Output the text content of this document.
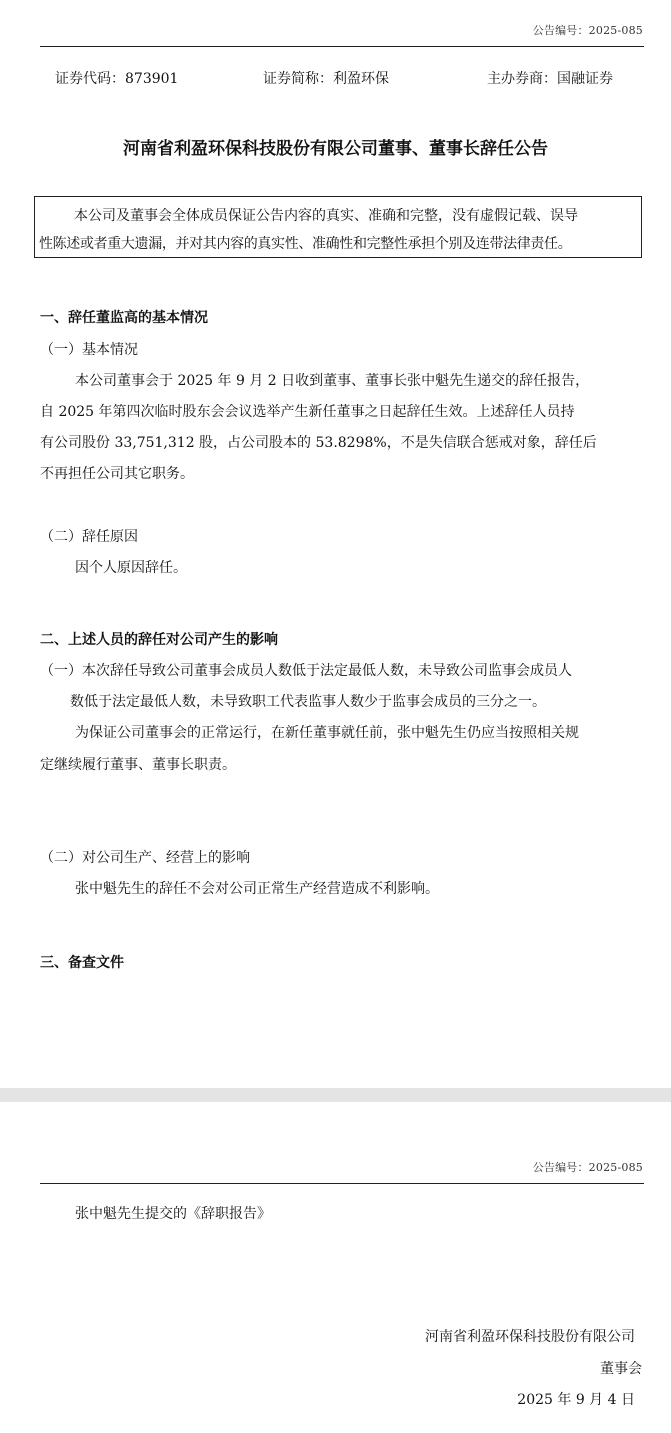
公告编号：2025-085
证券代码：873901	证券简称：利盈环保	主办券商：国融证券
河南省利盈环保科技股份有限公司董事、董事长辞任公告
本公司及董事会全体成员保证公告内容的真实、准确和完整，没有虚假记载、误导
性陈述或者重大遗漏，并对其内容的真实性、准确性和完整性承担个别及连带法律责任。
一、辞任董监高的基本情况
（一）基本情况
本公司董事会于 2025 年 9 月 2 日收到董事、董事长张中魁先生递交的辞任报告，
自 2025 年第四次临时股东会会议选举产生新任董事之日起辞任生效。上述辞任人员持
有公司股份 33,751,312 股，占公司股本的 53.8298%，不是失信联合惩戒对象，辞任后
不再担任公司其它职务。
（二）辞任原因
因个人原因辞任。
二、上述人员的辞任对公司产生的影响
（一）本次辞任导致公司董事会成员人数低于法定最低人数，未导致公司监事会成员人
数低于法定最低人数，未导致职工代表监事人数少于监事会成员的三分之一。
为保证公司董事会的正常运行，在新任董事就任前，张中魁先生仍应当按照相关规
定继续履行董事、董事长职责。
（二）对公司生产、经营上的影响
张中魁先生的辞任不会对公司正常生产经营造成不利影响。
三、备查文件
公告编号：2025-085
张中魁先生提交的《辞职报告》
河南省利盈环保科技股份有限公司
董事会
2025 年 9 月 4 日
